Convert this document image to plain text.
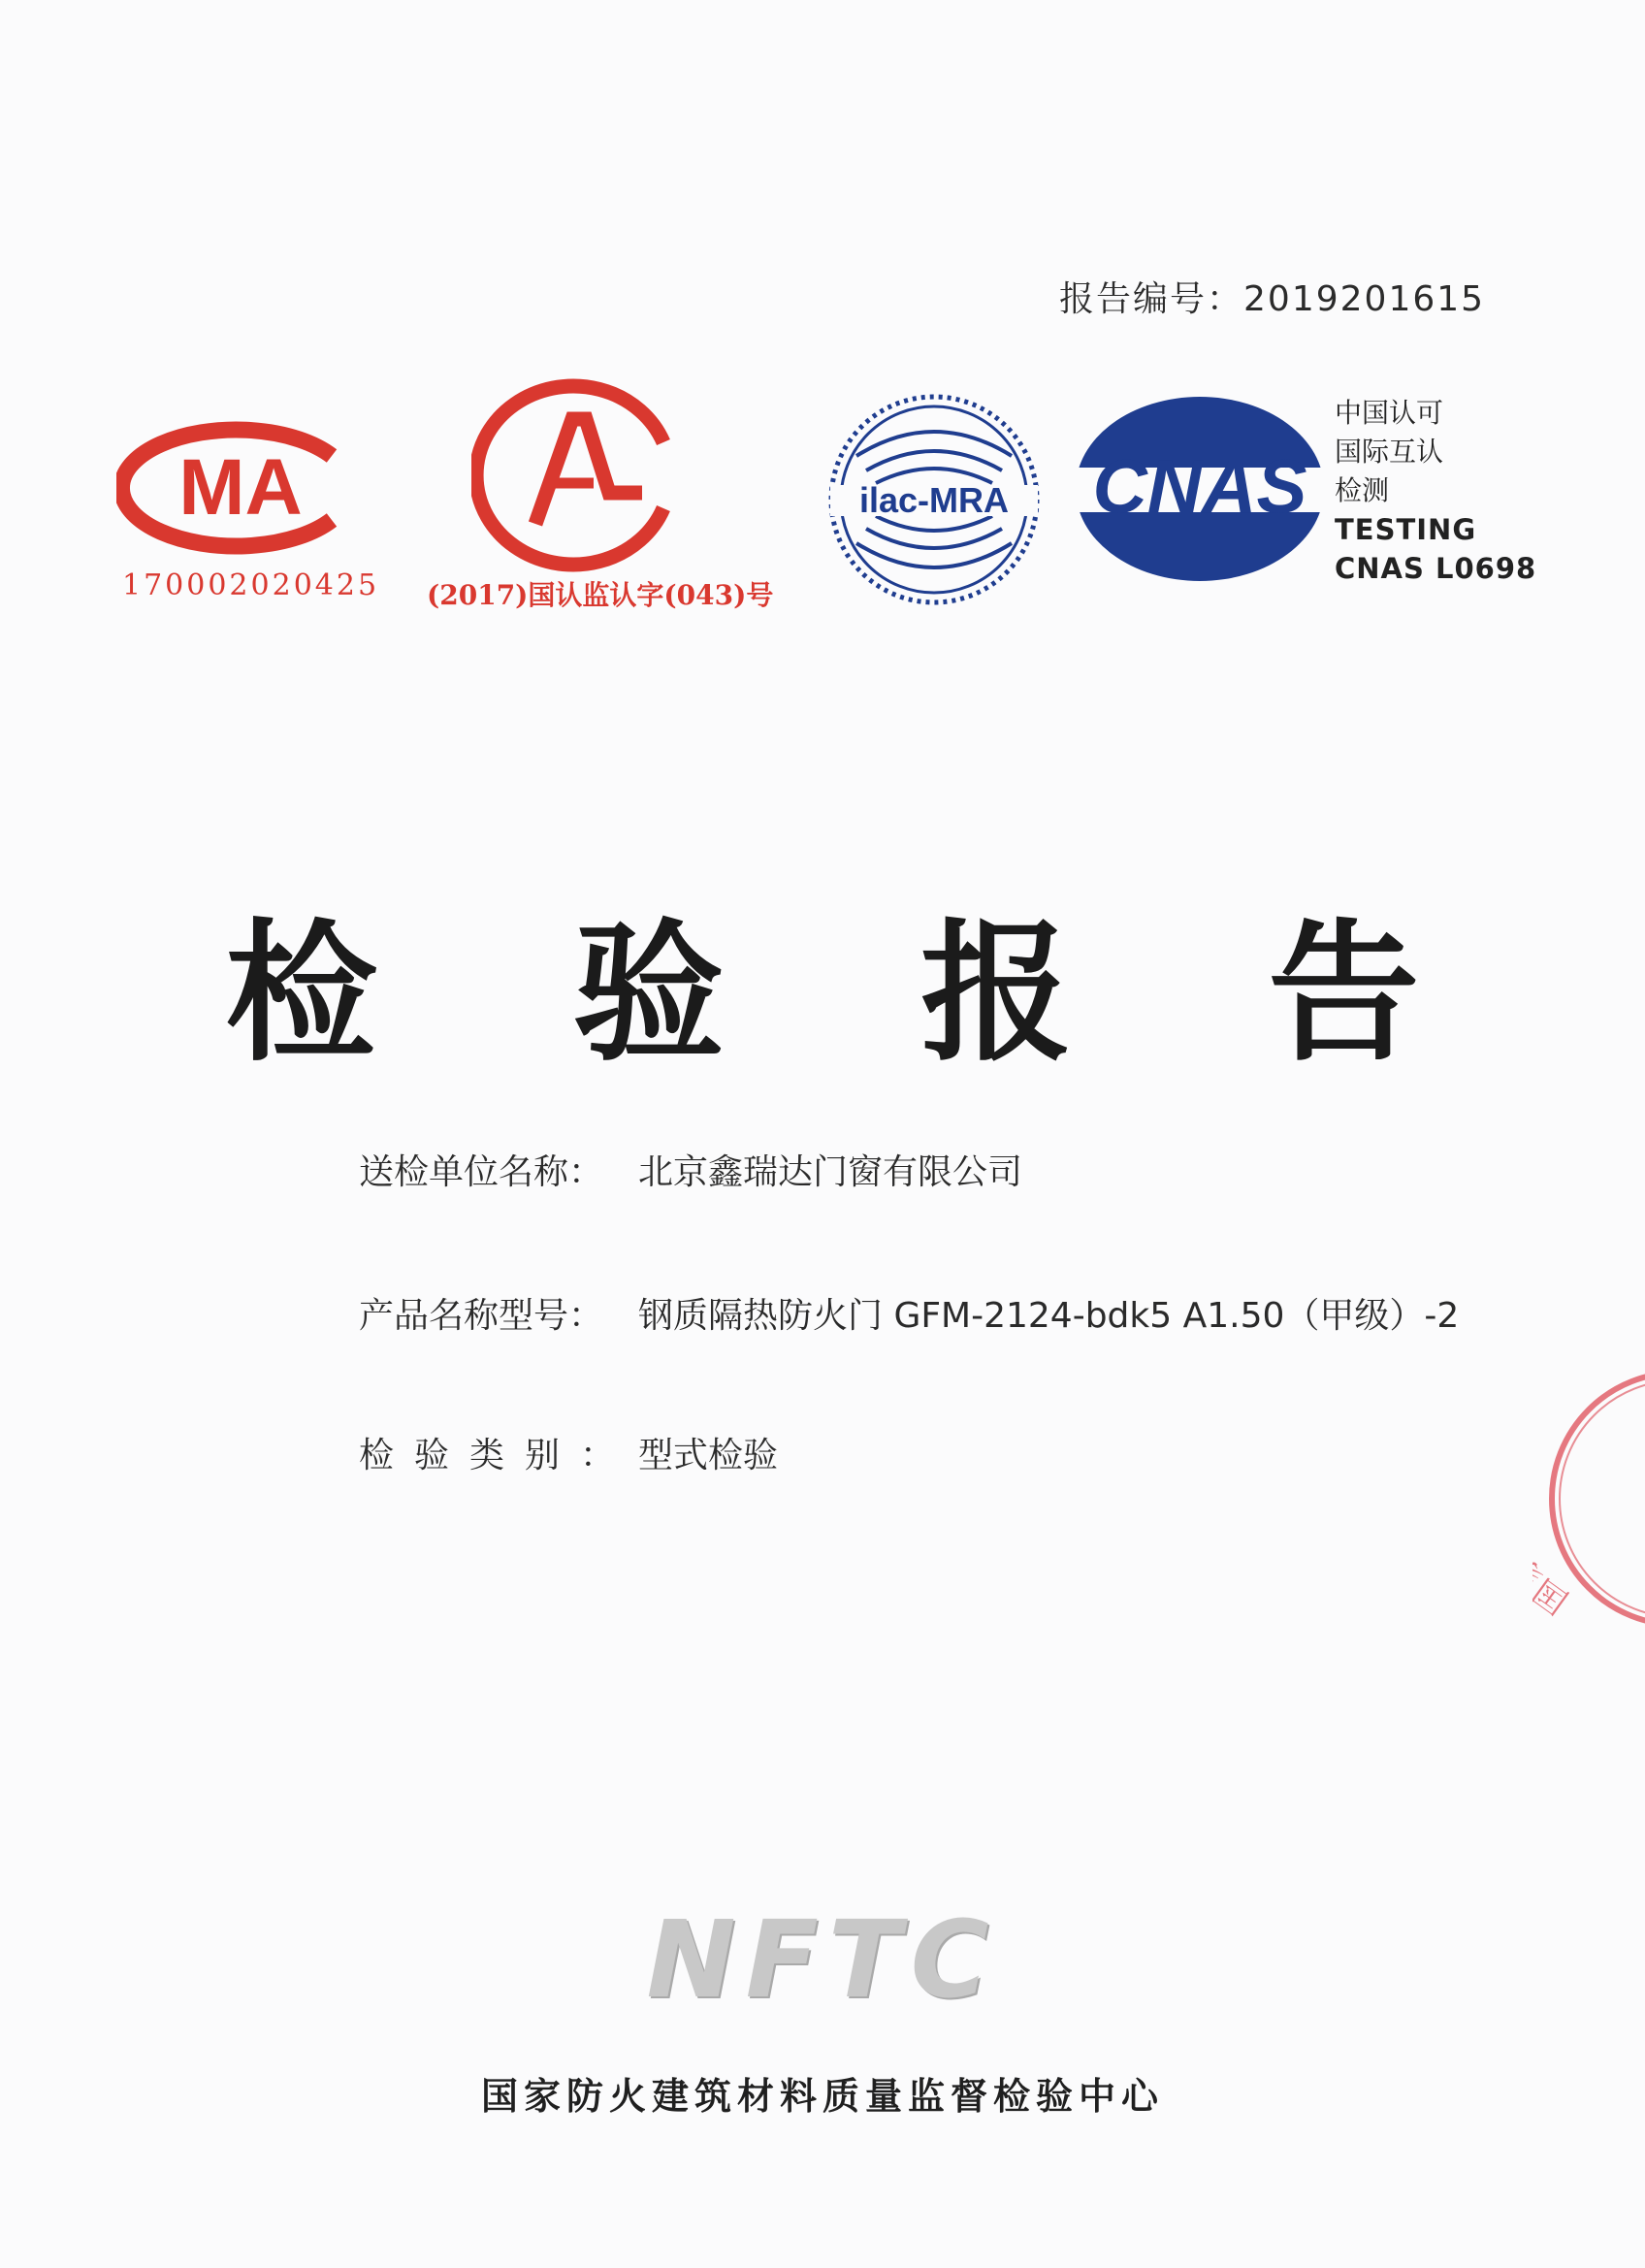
报告编号：2019201615
MA
170002020425 (2017)国认监认字(043)号
ilac-MRA CNAS
中国认可
国际互认
检测
TESTING
CNAS L0698
检 验 报 告
送检单位名称： 北京鑫瑞达门窗有限公司
产品名称型号： 钢质隔热防火门 GFM-2124-bdk5 A1.50（甲级）-2
检验类别：型式检验
NFTC
国家防火建筑材料质量监督检验中心
